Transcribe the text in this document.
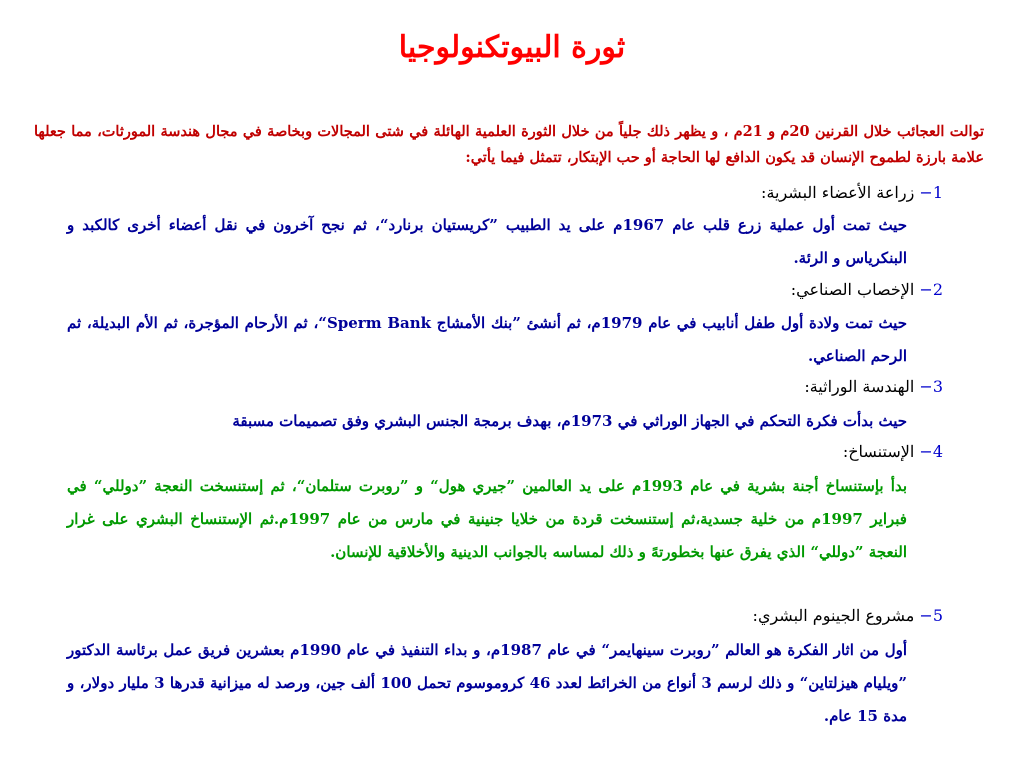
ثورة البيوتكنولوجيا

توالت العجائب خلال القرنين 20م و 21م ، و يظهر ذلك جلياً من خلال الثورة العلمية الهائلة في شتى المجالات وبخاصة في مجال هندسة المورثات، مما جعلها علامة بارزة لطموح الإنسان قد يكون الدافع لها الحاجة أو حب الإبتكار، تتمثل فيما يأتي:

1− زراعة الأعضاء البشرية:

حيث تمت أول عملية زرع قلب عام 1967م على يد الطبيب ”كريستيان برنارد“، ثم نجح آخرون في نقل أعضاء أخرى كالكبد و البنكرياس و الرئة.

2− الإخصاب الصناعي:

حيث تمت ولادة أول طفل أنابيب في عام 1979م، ثم أنشئ ”بنك الأمشاج Sperm Bank“، ثم الأرحام المؤجرة، ثم الأم البديلة، ثم الرحم الصناعي.

3− الهندسة الوراثية:

حيث بدأت فكرة التحكم في الجهاز الوراثي في 1973م، بهدف برمجة الجنس البشري وفق تصميمات مسبقة

4− الإستنساخ:

بدأ بإستنساخ أجنة بشرية في عام 1993م على يد العالمين ”جيري هول“ و ”روبرت ستلمان“، ثم إستنسخت النعجة ”دوللي“ في فبراير 1997م من خلية جسدية،ثم إستنسخت قردة من خلايا جنينية في مارس من عام 1997م.ثم الإستنساخ البشري على غرار النعجة ”دوللي“ الذي يفرق عنها بخطورتهً و ذلك لمساسه بالجوانب الدينية والأخلاقية للإنسان.

5− مشروع الجينوم البشري:

أول من اثار الفكرة هو العالم ”روبرت سينهايمر“ في عام 1987م، و بداء التنفيذ في عام 1990م بعشرين فريق عمل برئاسة الدكتور ”ويليام هيزلتاين“ و ذلك لرسم 3 أنواع من الخرائط لعدد 46 كروموسوم تحمل 100 ألف جين، ورصد له ميزانية قدرها 3 مليار دولار، و مدة 15 عام.
